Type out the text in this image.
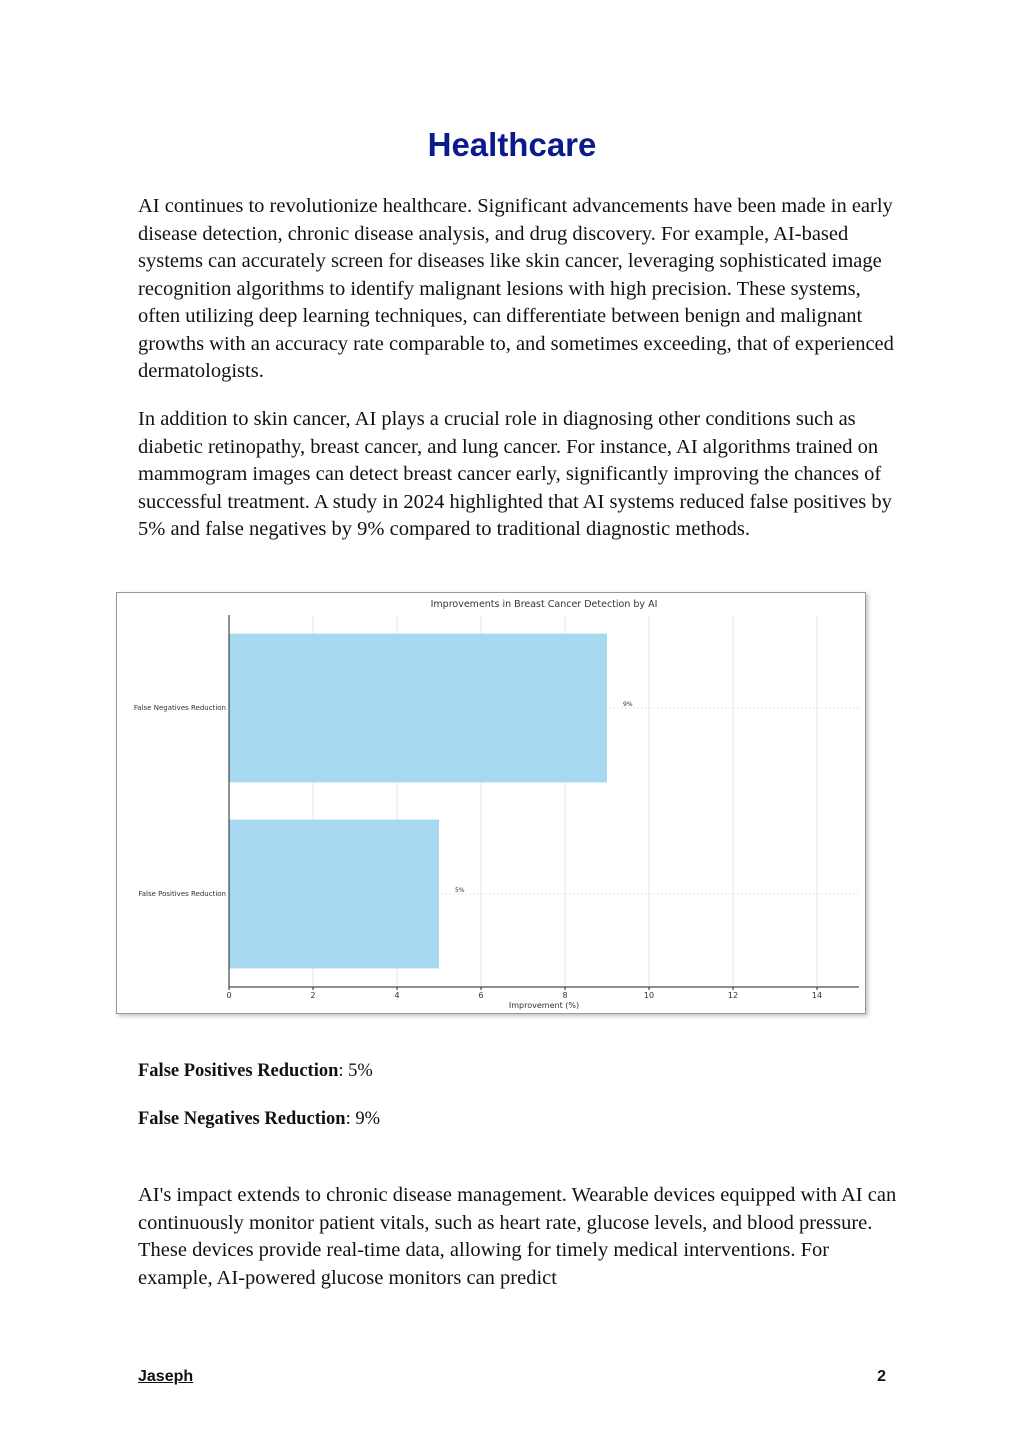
Healthcare

AI continues to revolutionize healthcare. Significant advancements have been made in early disease detection, chronic disease analysis, and drug discovery. For example, AI-based systems can accurately screen for diseases like skin cancer, leveraging sophisticated image recognition algorithms to identify malignant lesions with high precision. These systems, often utilizing deep learning techniques, can differentiate between benign and malignant growths with an accuracy rate comparable to, and sometimes exceeding, that of experienced dermatologists.

In addition to skin cancer, AI plays a crucial role in diagnosing other conditions such as diabetic retinopathy, breast cancer, and lung cancer. For instance, AI algorithms trained on mammogram images can detect breast cancer early, significantly improving the chances of successful treatment. A study in 2024 highlighted that AI systems reduced false positives by 5% and false negatives by 9% compared to traditional diagnostic methods.

False Negatives Reduction	9%
False Positives Reduction	5%
0	2	4	6	8	10	12	14
Improvement (%)
Improvements in Breast Cancer Detection by AI

False Positives Reduction: 5%

False Negatives Reduction: 9%

AI's impact extends to chronic disease management. Wearable devices equipped with AI can continuously monitor patient vitals, such as heart rate, glucose levels, and blood pressure. These devices provide real-time data, allowing for timely medical interventions. For example, AI-powered glucose monitors can predict

Jaseph	2
